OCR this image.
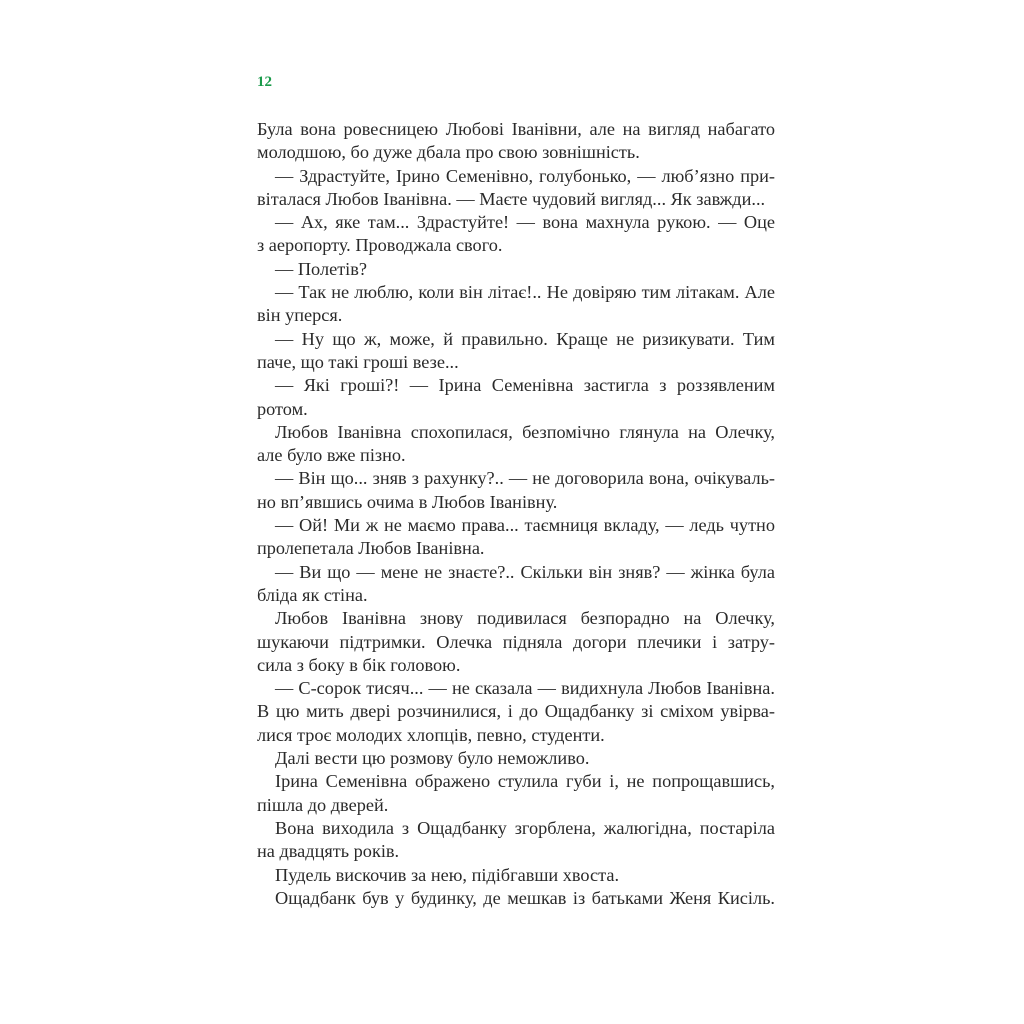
12
Була вона ровесницею Любові Іванівни, але на вигляд набагато
молодшою, бо дуже дбала про свою зовнішність.
— Здрастуйте, Ірино Семенівно, голубонько, — люб’язно при-
віталася Любов Іванівна. — Маєте чудовий вигляд... Як завжди...
— Ах, яке там... Здрастуйте! — вона махнула рукою. — Оце
з аеропорту. Проводжала свого.
— Полетів?
— Так не люблю, коли він літає!.. Не довіряю тим літакам. Але
він уперся.
— Ну що ж, може, й правильно. Краще не ризикувати. Тим
паче, що такі гроші везе...
— Які гроші?! — Ірина Семенівна застигла з роззявленим
ротом.
Любов Іванівна спохопилася, безпомічно глянула на Олечку,
але було вже пізно.
— Він що... зняв з рахунку?.. — не договорила вона, очікуваль-
но вп’явшись очима в Любов Іванівну.
— Ой! Ми ж не маємо права... таємниця вкладу, — ледь чутно
пролепетала Любов Іванівна.
— Ви що — мене не знаєте?.. Скільки він зняв? — жінка була
бліда як стіна.
Любов Іванівна знову подивилася безпорадно на Олечку,
шукаючи підтримки. Олечка підняла догори плечики і затру-
сила з боку в бік головою.
— С-сорок тисяч... — не сказала — видихнула Любов Іванівна.
В цю мить двері розчинилися, і до Ощадбанку зі сміхом увірва-
лися троє молодих хлопців, певно, студенти.
Далі вести цю розмову було неможливо.
Ірина Семенівна ображено стулила губи і, не попрощавшись,
пішла до дверей.
Вона виходила з Ощадбанку згорблена, жалюгідна, постаріла
на двадцять років.
Пудель вискочив за нею, підібгавши хвоста.
Ощадбанк був у будинку, де мешкав із батьками Женя Кисіль.
